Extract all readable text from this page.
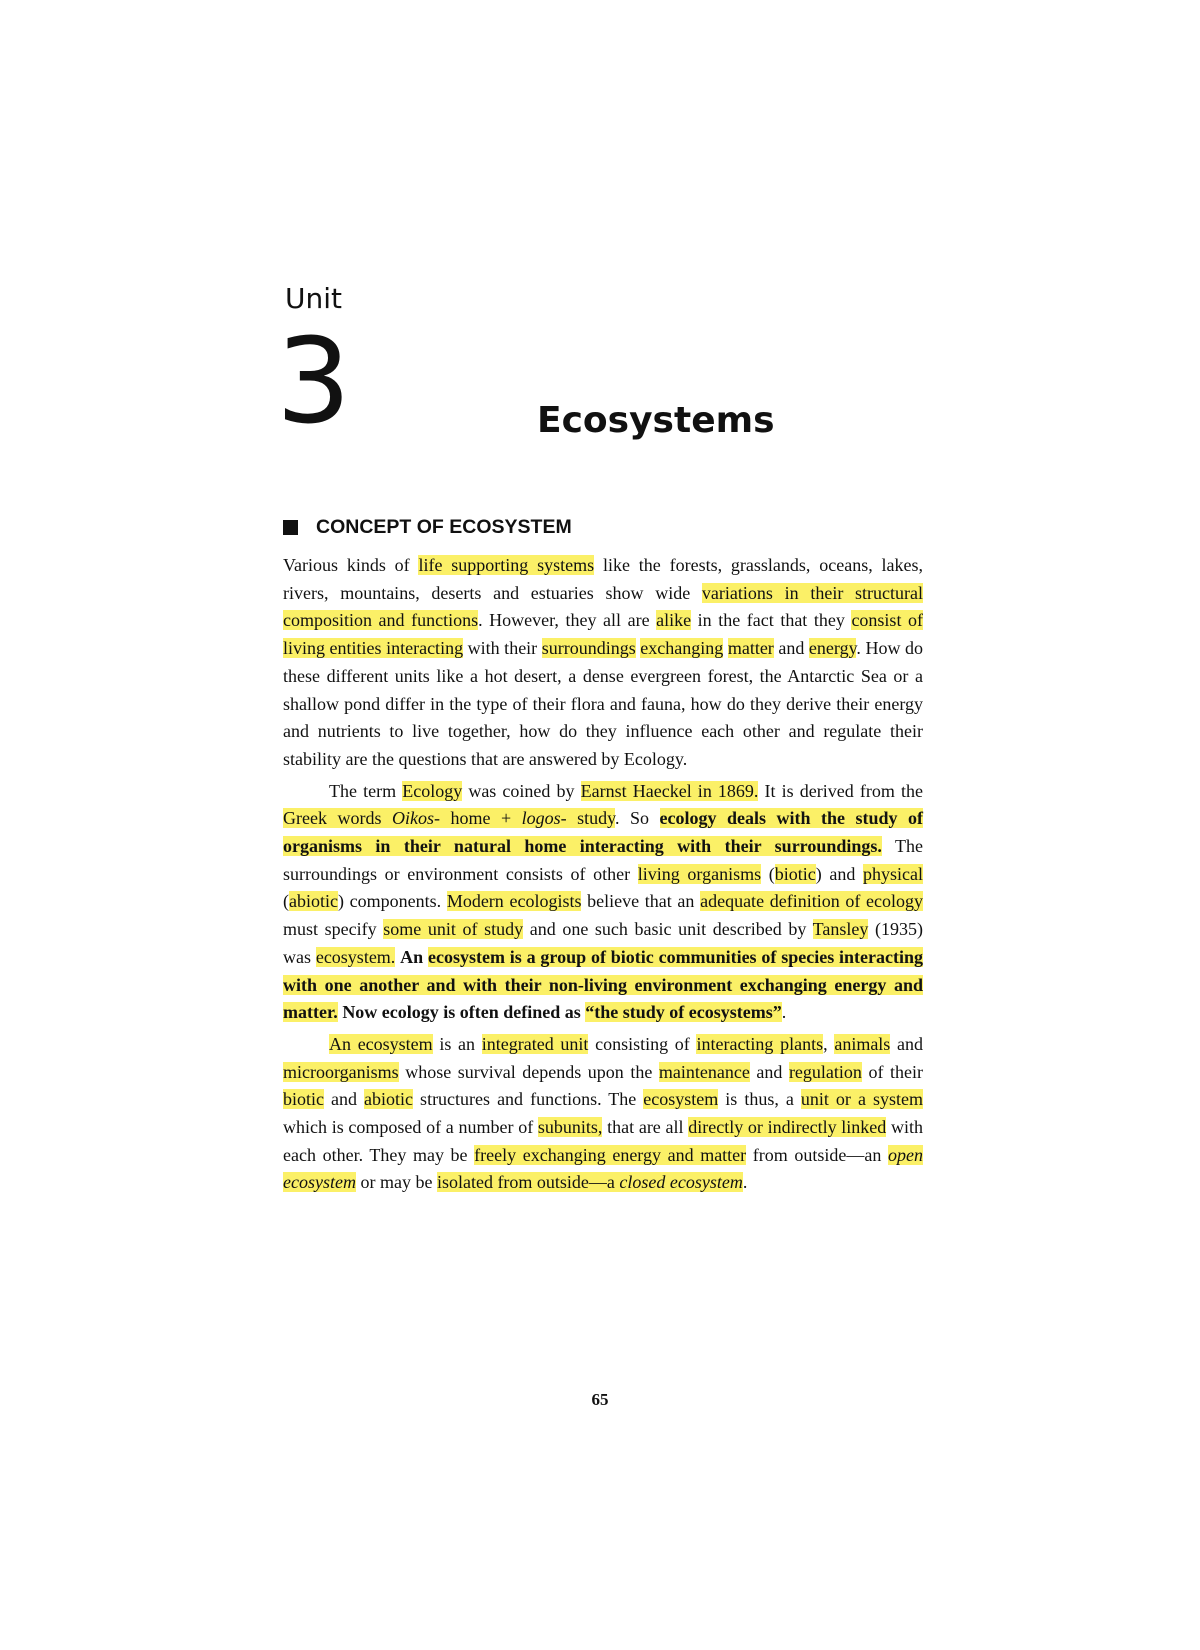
Unit
3	Ecosystems
CONCEPT OF ECOSYSTEM

Various kinds of life supporting systems like the forests, grasslands, oceans, lakes, rivers, mountains, deserts and estuaries show wide variations in their structural composition and functions. However, they all are alike in the fact that they consist of living entities interacting with their surroundings exchanging matter and energy. How do these different units like a hot desert, a dense evergreen forest, the Antarctic Sea or a shallow pond differ in the type of their flora and fauna, how do they derive their energy and nutrients to live together, how do they influence each other and regulate their stability are the questions that are answered by Ecology.

The term Ecology was coined by Earnst Haeckel in 1869. It is derived from the Greek words Oikos- home + logos- study. So ecology deals with the study of organisms in their natural home interacting with their surroundings. The surroundings or environment consists of other living organisms (biotic) and physical (abiotic) components. Modern ecologists believe that an adequate definition of ecology must specify some unit of study and one such basic unit described by Tansley (1935) was ecosystem. An ecosystem is a group of biotic communities of species interacting with one another and with their non-living environment exchanging energy and matter. Now ecology is often defined as “the study of ecosystems”.

An ecosystem is an integrated unit consisting of interacting plants, animals and microorganisms whose survival depends upon the maintenance and regulation of their biotic and abiotic structures and functions. The ecosystem is thus, a unit or a system which is composed of a number of subunits, that are all directly or indirectly linked with each other. They may be freely exchanging energy and matter from outside—an open ecosystem or may be isolated from outside—a closed ecosystem.

65
